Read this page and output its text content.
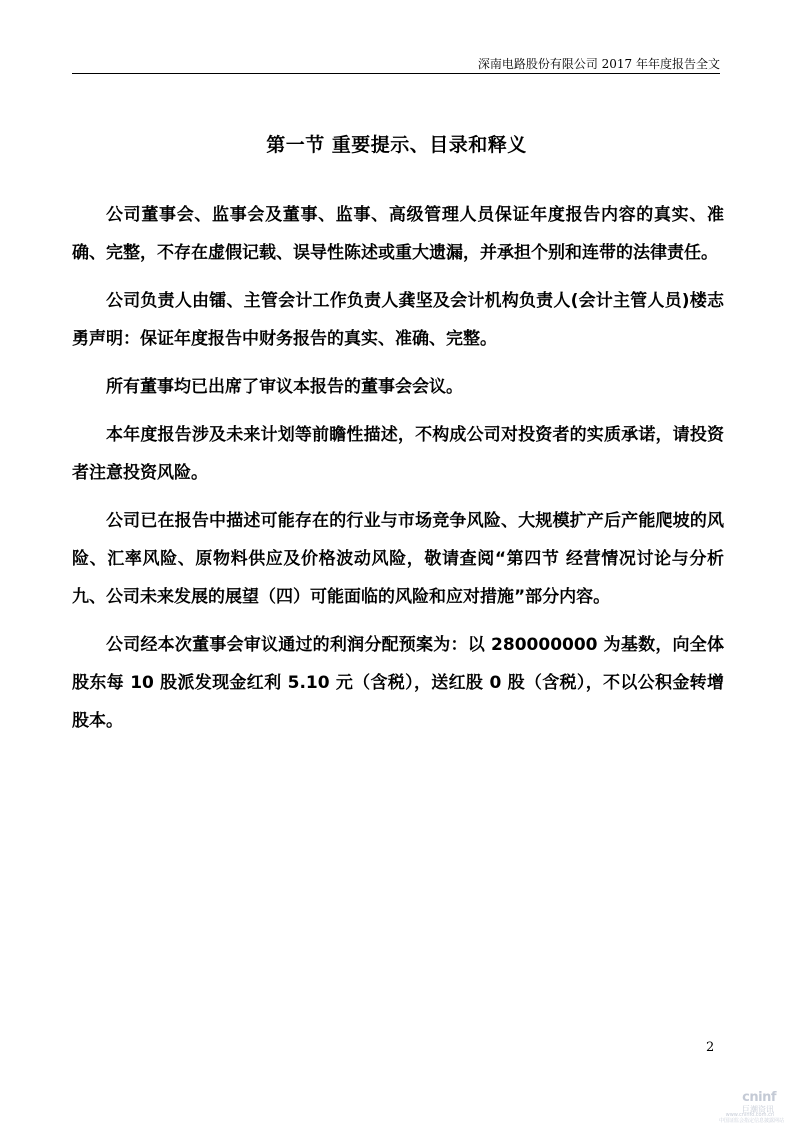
深南电路股份有限公司 2017 年年度报告全文
第一节 重要提示、目录和释义

公司董事会、监事会及董事、监事、高级管理人员保证年度报告内容的真实、准确、完整，不存在虚假记载、误导性陈述或重大遗漏，并承担个别和连带的法律责任。

公司负责人由镭、主管会计工作负责人龚坚及会计机构负责人(会计主管人员)楼志勇声明：保证年度报告中财务报告的真实、准确、完整。

所有董事均已出席了审议本报告的董事会会议。

本年度报告涉及未来计划等前瞻性描述，不构成公司对投资者的实质承诺，请投资者注意投资风险。

公司已在报告中描述可能存在的行业与市场竞争风险、大规模扩产后产能爬坡的风险、汇率风险、原物料供应及价格波动风险，敬请查阅“第四节 经营情况讨论与分析 九、公司未来发展的展望（四）可能面临的风险和应对措施”部分内容。

公司经本次董事会审议通过的利润分配预案为：以 280000000 为基数，向全体股东每 10 股派发现金红利 5.10 元（含税），送红股 0 股（含税），不以公积金转增股本。

2
cninf
巨潮资讯
www.cninfo.com.cn
中国证监会指定信息披露网站
